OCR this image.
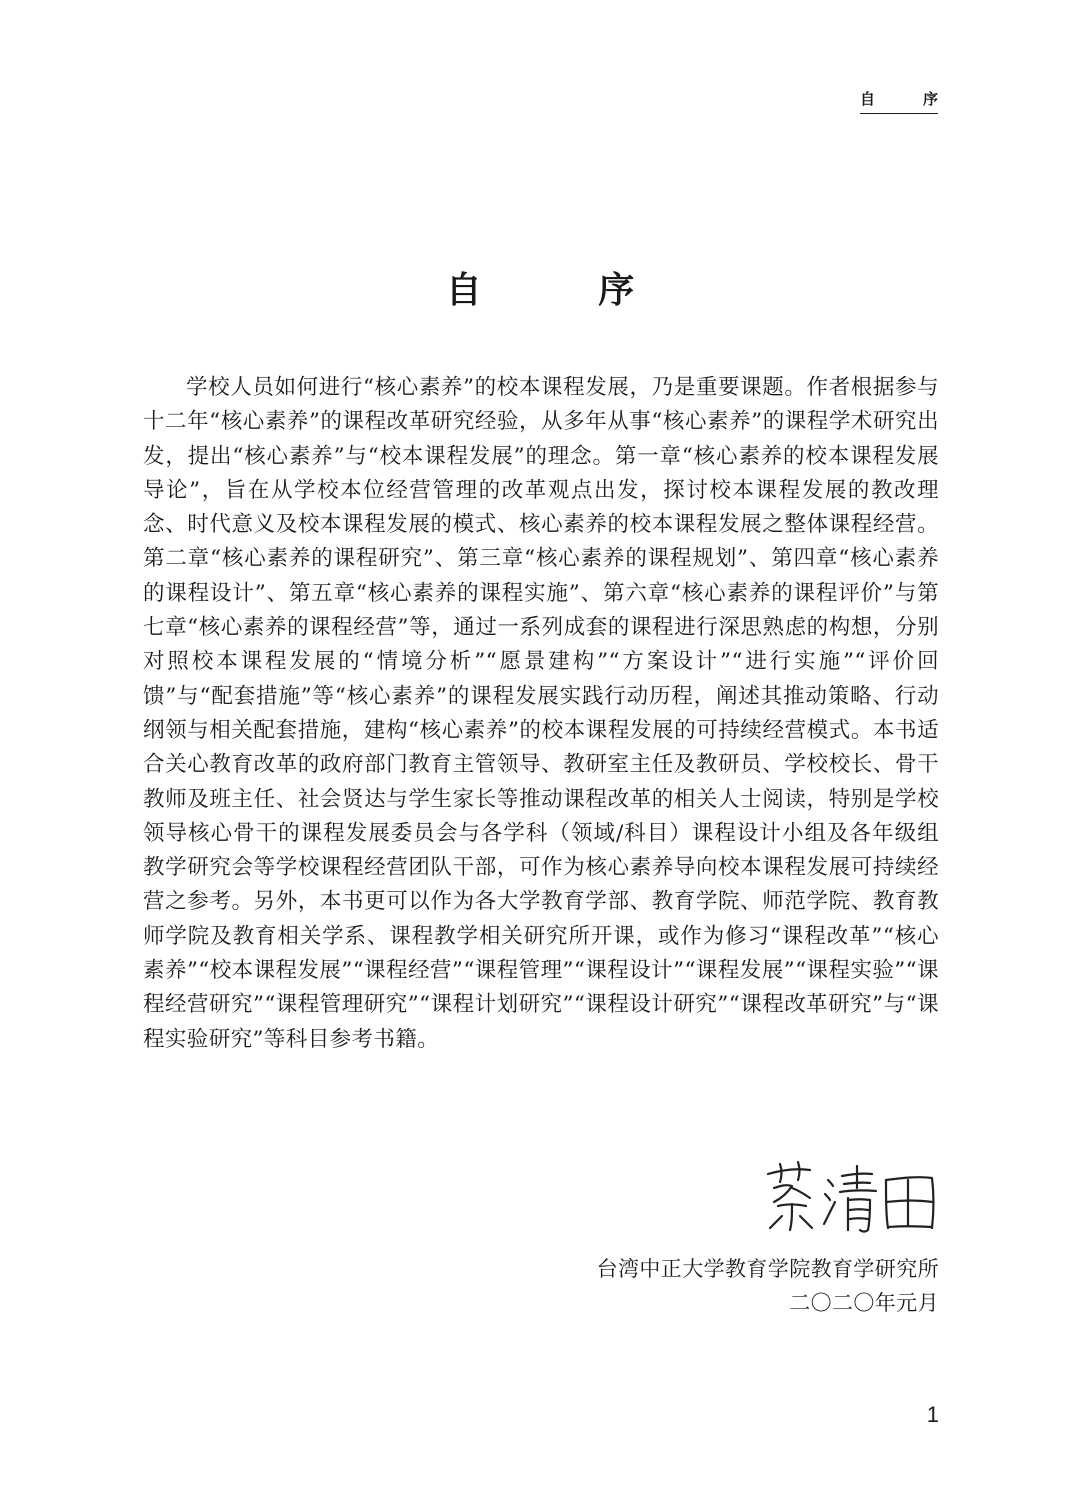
自	序
自 序

学校人员如何进行“核心素养”的校本课程发展，乃是重要课题。作者根据参与十二年“核心素养”的课程改革研究经验，从多年从事“核心素养”的课程学术研究出发，提出“核心素养”与“校本课程发展”的理念。第一章“核心素养的校本课程发展导论”，旨在从学校本位经营管理的改革观点出发，探讨校本课程发展的教改理念、时代意义及校本课程发展的模式、核心素养的校本课程发展之整体课程经营。第二章“核心素养的课程研究”、第三章“核心素养的课程规划”、第四章“核心素养的课程设计”、第五章“核心素养的课程实施”、第六章“核心素养的课程评价”与第七章“核心素养的课程经营”等，通过一系列成套的课程进行深思熟虑的构想，分别对照校本课程发展的“情境分析”“愿景建构”“方案设计”“进行实施”“评价回馈”与“配套措施”等“核心素养”的课程发展实践行动历程，阐述其推动策略、行动纲领与相关配套措施，建构“核心素养”的校本课程发展的可持续经营模式。本书适合关心教育改革的政府部门教育主管领导、教研室主任及教研员、学校校长、骨干教师及班主任、社会贤达与学生家长等推动课程改革的相关人士阅读，特别是学校领导核心骨干的课程发展委员会与各学科（领域/科目）课程设计小组及各年级组教学研究会等学校课程经营团队干部，可作为核心素养导向校本课程发展可持续经营之参考。另外，本书更可以作为各大学教育学部、教育学院、师范学院、教育教师学院及教育相关学系、课程教学相关研究所开课，或作为修习“课程改革”“核心素养”“校本课程发展”“课程经营”“课程管理”“课程设计”“课程发展”“课程实验”“课程经营研究”“课程管理研究”“课程计划研究”“课程设计研究”“课程改革研究”与“课程实验研究”等科目参考书籍。

台湾中正大学教育学院教育学研究所
二〇二〇年元月
1
